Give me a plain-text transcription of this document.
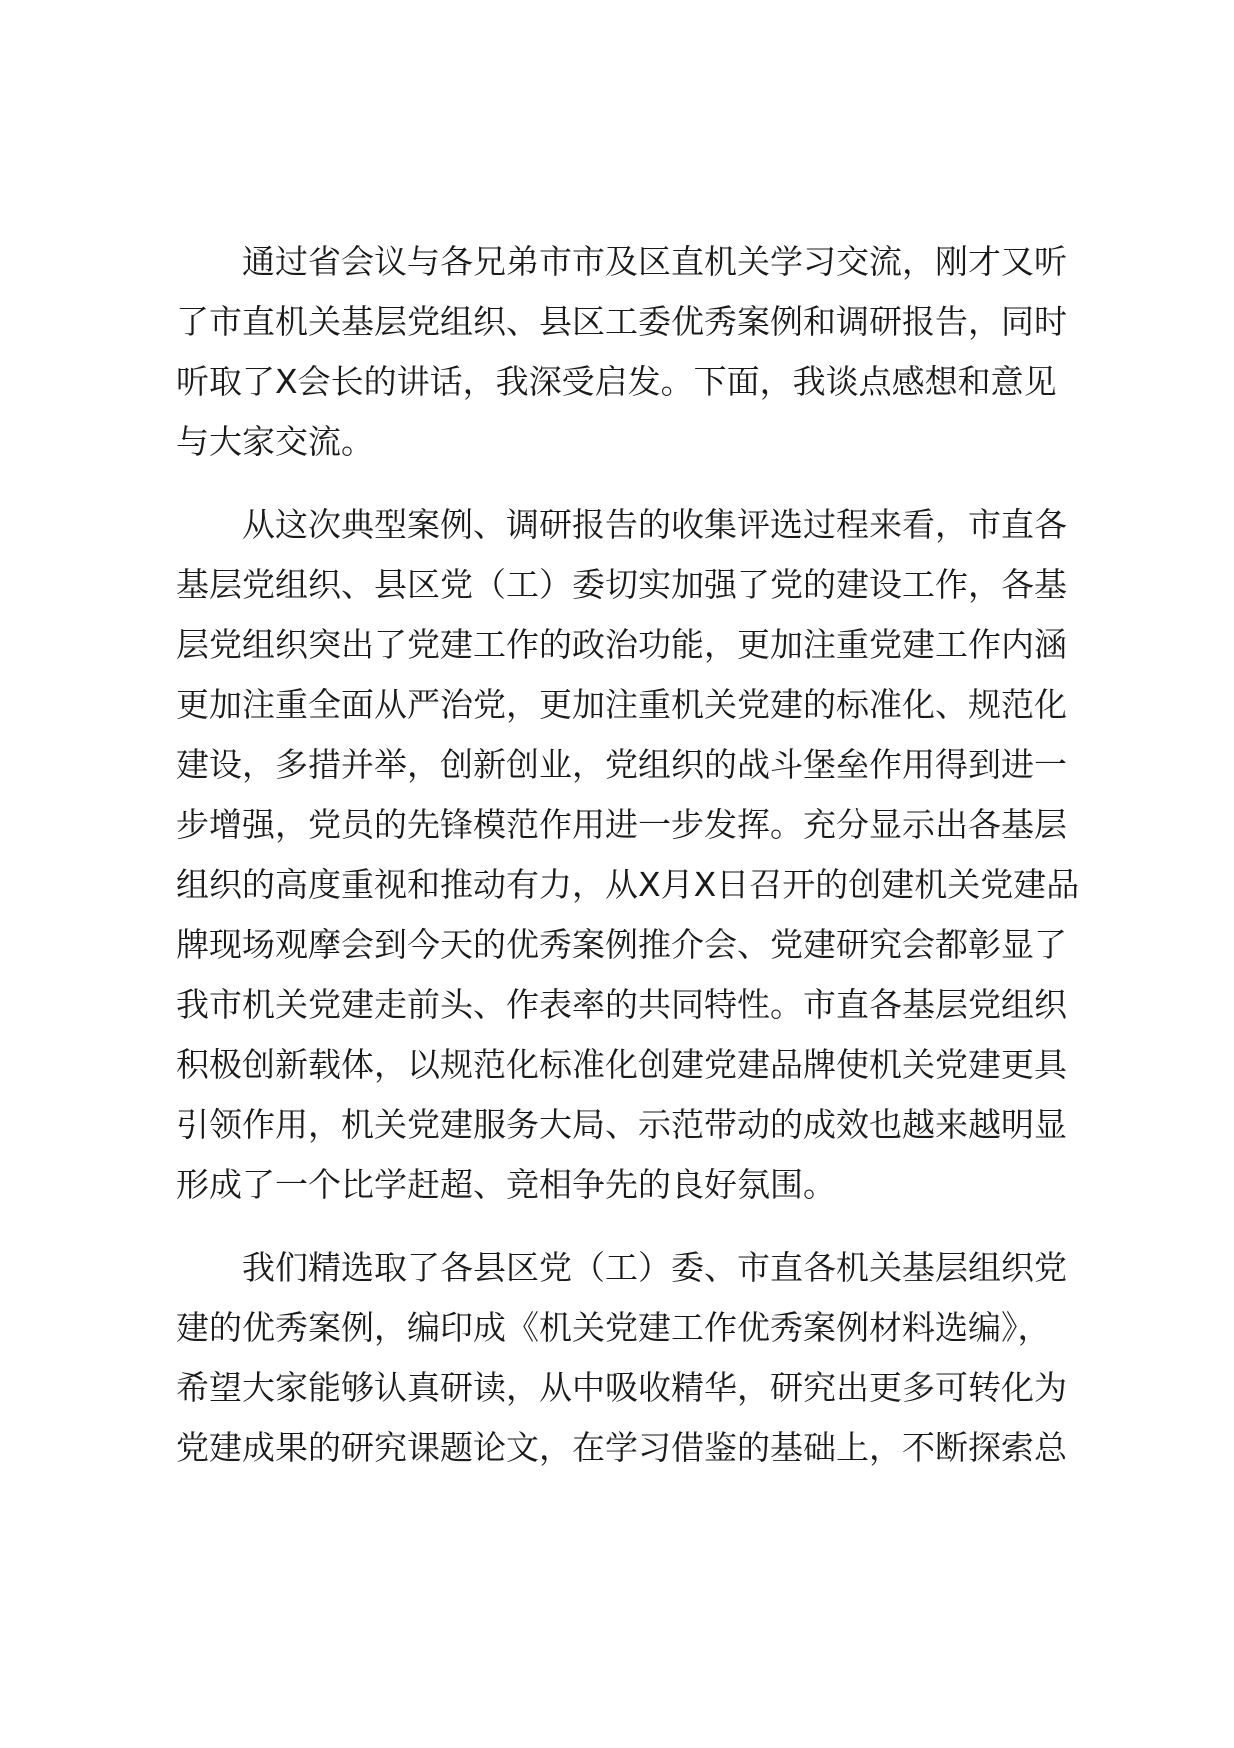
通过省会议与各兄弟市市及区直机关学习交流，刚才又听
了市直机关基层党组织、县区工委优秀案例和调研报告，同时
听取了X会长的讲话，我深受启发。下面，我谈点感想和意见
与大家交流。
从这次典型案例、调研报告的收集评选过程来看，市直各
基层党组织、县区党（工）委切实加强了党的建设工作，各基
层党组织突出了党建工作的政治功能，更加注重党建工作内涵
更加注重全面从严治党，更加注重机关党建的标准化、规范化
建设，多措并举，创新创业，党组织的战斗堡垒作用得到进一
步增强，党员的先锋模范作用进一步发挥。充分显示出各基层
组织的高度重视和推动有力，从X月X日召开的创建机关党建品
牌现场观摩会到今天的优秀案例推介会、党建研究会都彰显了
我市机关党建走前头、作表率的共同特性。市直各基层党组织
积极创新载体，以规范化标准化创建党建品牌使机关党建更具
引领作用，机关党建服务大局、示范带动的成效也越来越明显
形成了一个比学赶超、竞相争先的良好氛围。
我们精选取了各县区党（工）委、市直各机关基层组织党
建的优秀案例，编印成《机关党建工作优秀案例材料选编》，
希望大家能够认真研读，从中吸收精华，研究出更多可转化为
党建成果的研究课题论文，在学习借鉴的基础上，不断探索总
